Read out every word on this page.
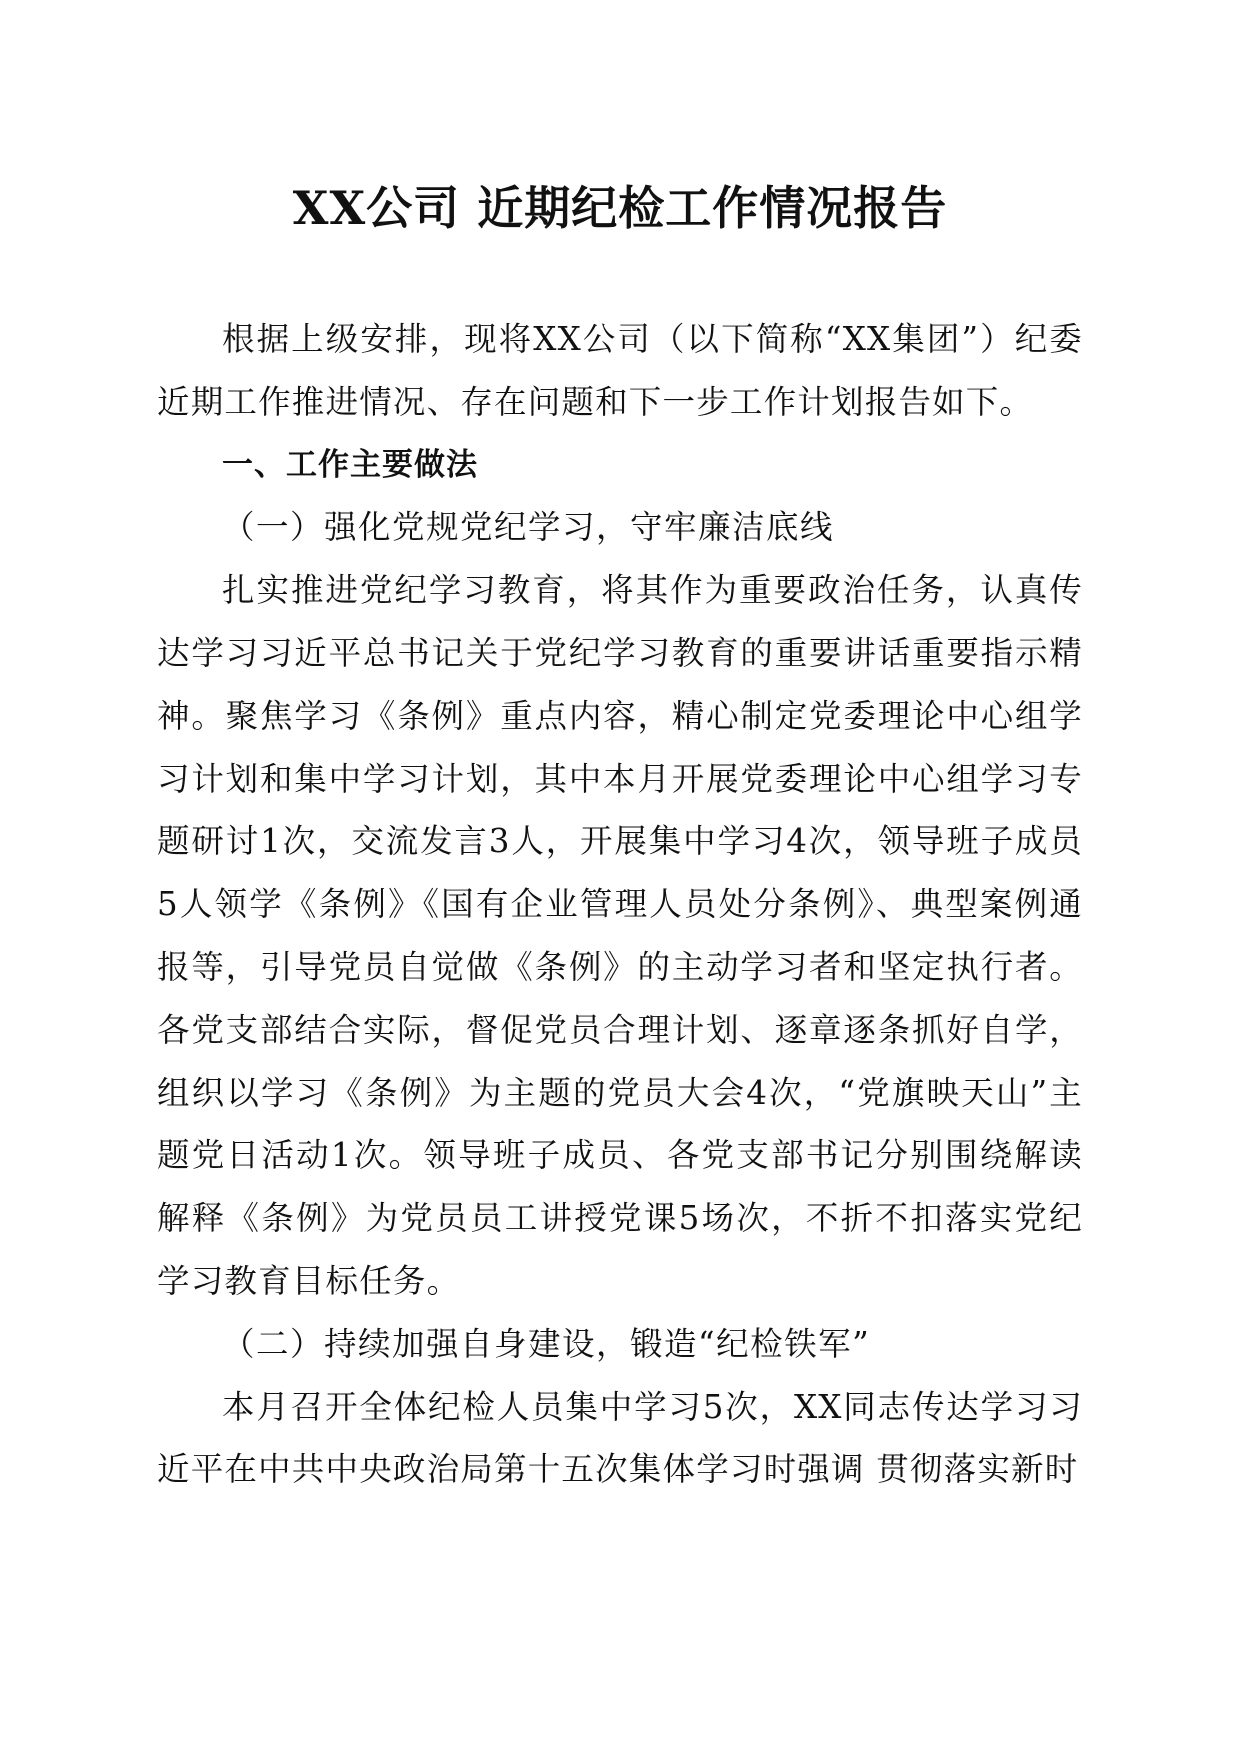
XX公司 近期纪检工作情况报告

根据上级安排，现将XX公司（以下简称“XX集团”）纪委近期工作推进情况、存在问题和下一步工作计划报告如下。

一、工作主要做法

（一）强化党规党纪学习，守牢廉洁底线

扎实推进党纪学习教育，将其作为重要政治任务，认真传达学习习近平总书记关于党纪学习教育的重要讲话重要指示精神。聚焦学习《条例》重点内容，精心制定党委理论中心组学习计划和集中学习计划，其中本月开展党委理论中心组学习专题研讨1次，交流发言3人，开展集中学习4次，领导班子成员5人领学《条例》《国有企业管理人员处分条例》、典型案例通报等，引导党员自觉做《条例》的主动学习者和坚定执行者。各党支部结合实际，督促党员合理计划、逐章逐条抓好自学，组织以学习《条例》为主题的党员大会4次，“党旗映天山”主题党日活动1次。领导班子成员、各党支部书记分别围绕解读解释《条例》为党员员工讲授党课5场次，不折不扣落实党纪学习教育目标任务。

（二）持续加强自身建设，锻造“纪检铁军”

本月召开全体纪检人员集中学习5次，XX同志传达学习习近平在中共中央政治局第十五次集体学习时强调 贯彻落实新时
